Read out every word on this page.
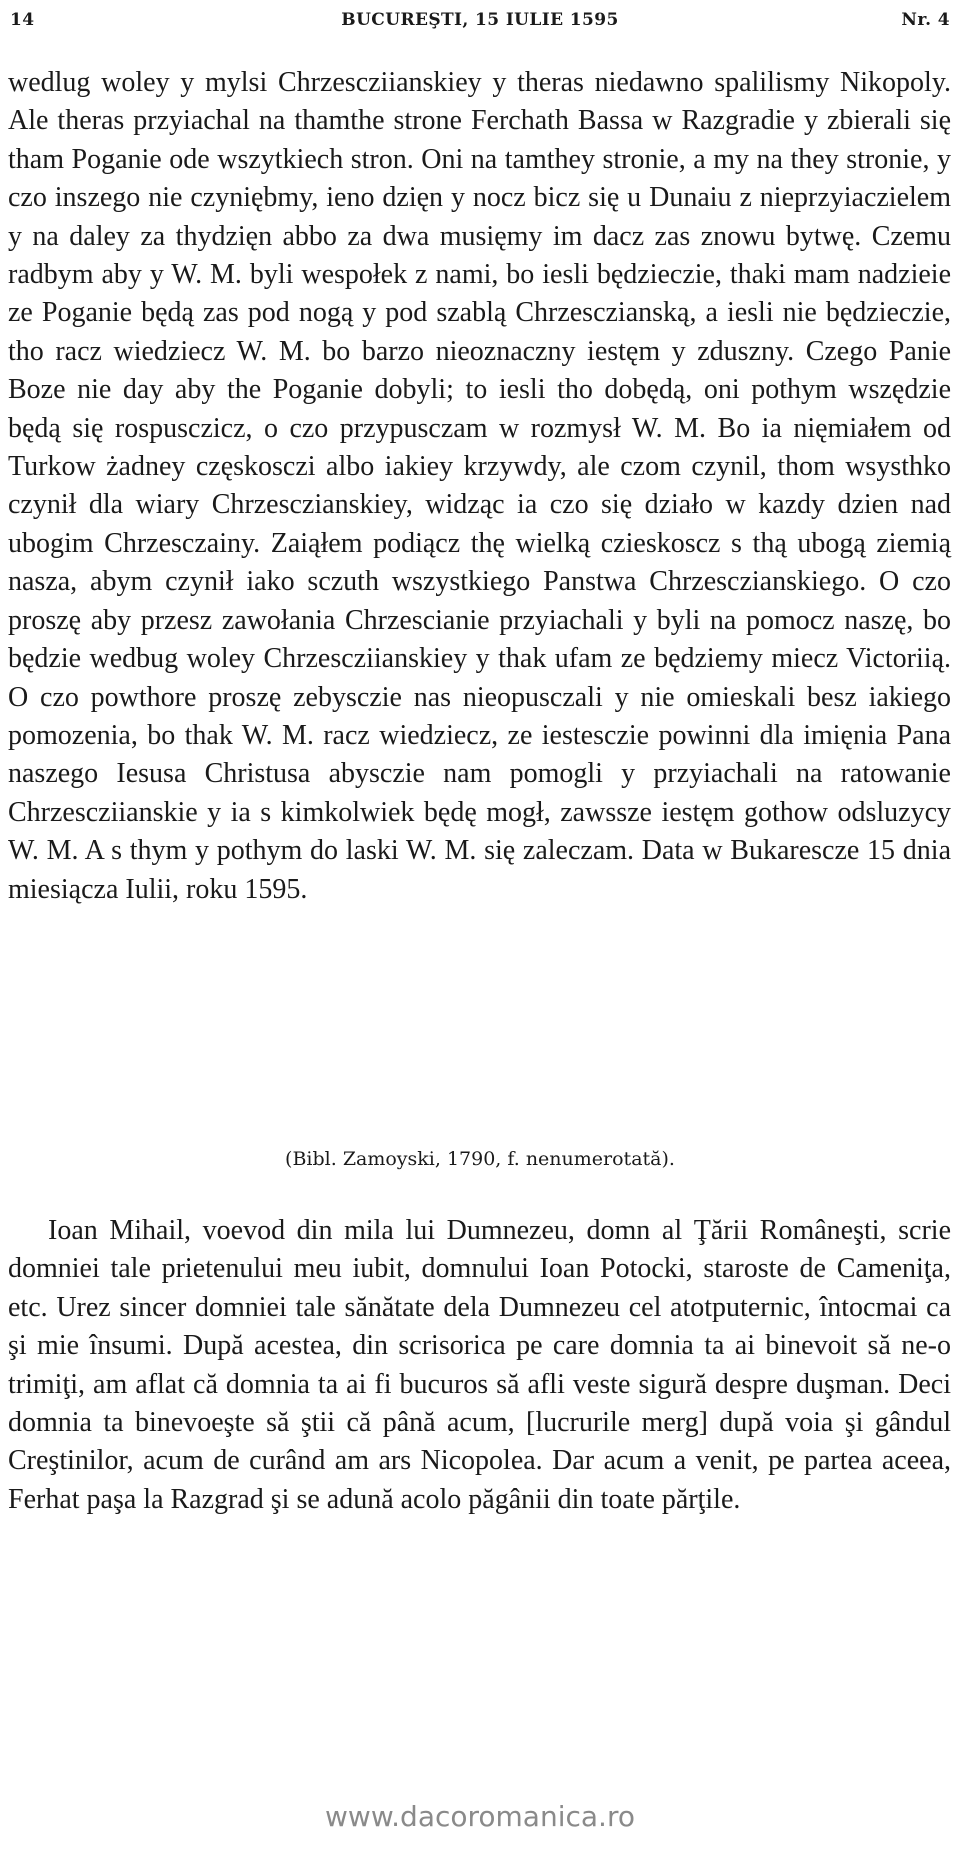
14	BUCUREŞTI, 15 IULIE 1595	Nr. 4

wedlug woley y mylsi Chrzescziianskiey y theras niedawno spalilismy Nikopoly. Ale theras przyiachal na thamthe strone Ferchath Bassa w Razgradie y zbierali się tham Poganie ode wszytkiech stron. Oni na tamthey stronie, a my na they stronie, y czo inszego nie czyniębmy, ieno dzięn y nocz bicz się u Dunaiu z nieprzyiaczielem y na daley za thydzięn abbo za dwa musięmy im dacz zas znowu bytwę. Czemu radbym aby y W. M. byli wespołek z nami, bo iesli będzieczie, thaki mam nadzieie ze Poganie będą zas pod nogą y pod szablą Chrzesczianską, a iesli nie będzieczie, tho racz wiedziecz W. M. bo barzo nieoznaczny iestęm y zduszny. Czego Panie Boze nie day aby the Poganie dobyli; to iesli tho dobędą, oni pothym wszędzie będą się rospusczicz, o czo przypusczam w rozmysł W. M. Bo ia nięmiałem od Turkow żadney częskosczi albo iakiey krzywdy, ale czom czynil, thom wsysthko czynił dla wiary Chrzesczianskiey, widząc ia czo się działo w kazdy dzien nad ubogim Chrzesczainy. Zaiąłem podiącz thę wielką czieskoscz s thą ubogą ziemią nasza, abym czynił iako sczuth wszystkiego Panstwa Chrzesczianskiego. O czo proszę aby przesz zawołania Chrzescianie przyiachali y byli na pomocz naszę, bo będzie wedbug woley Chrzescziianskiey y thak ufam ze będziemy miecz Victoriią. O czo powthore proszę zebysczie nas nieopusczali y nie omieskali besz iakiego pomozenia, bo thak W. M. racz wiedziecz, ze iestesczie powinni dla imięnia Pana naszego Iesusa Christusa abysczie nam pomogli y przyiachali na ratowanie Chrzescziianskie y ia s kimkolwiek będę mogł, zawssze iestęm gothow odsluzycy W. M. A s thym y pothym do laski W. M. się zaleczam. Data w Bukaresczе 15 dnia miesiącza Iulii, roku 1595.

(Bibl. Zamoyski, 1790, f. nenumerotată).

Ioan Mihail, voevod din mila lui Dumnezeu, domn al Ţării Româneşti, scrie domniei tale prietenului meu iubit, domnului Ioan Potocki, staroste de Cameniţa, etc. Urez sincer domniei tale sănătate dela Dumnezeu cel atotputernic, întocmai ca şi mie însumi. După acestea, din scrisorica pe care domnia ta ai binevoit să ne-o trimiţi, am aflat că domnia ta ai fi bucuros să afli veste sigură despre duşman. Deci domnia ta binevoeşte să ştii că până acum, [lucrurile merg] după voia şi gândul Creştinilor, acum de curând am ars Nicopolea. Dar acum a venit, pe partea aceea, Ferhat paşa la Razgrad şi se adună acolo păgânii din toate părţile.

www.dacoromanica.ro
